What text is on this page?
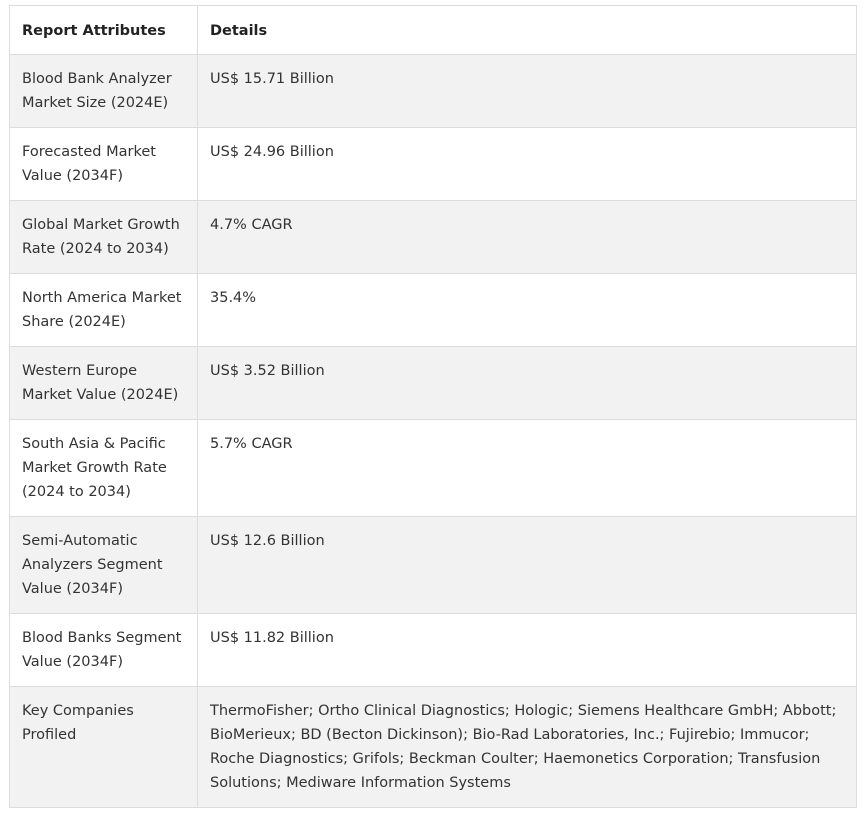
Report Attributes	Details
Blood Bank Analyzer Market Size (2024E)	US$ 15.71 Billion
Forecasted Market Value (2034F)	US$ 24.96 Billion
Global Market Growth Rate (2024 to 2034)	4.7% CAGR
North America Market Share (2024E)	35.4%
Western Europe Market Value (2024E)	US$ 3.52 Billion
South Asia & Pacific Market Growth Rate (2024 to 2034)	5.7% CAGR
Semi-Automatic Analyzers Segment Value (2034F)	US$ 12.6 Billion
Blood Banks Segment Value (2034F)	US$ 11.82 Billion
Key Companies Profiled	ThermoFisher; Ortho Clinical Diagnostics; Hologic; Siemens Healthcare GmbH; Abbott; BioMerieux; BD (Becton Dickinson); Bio-Rad Laboratories, Inc.; Fujirebio; Immucor; Roche Diagnostics; Grifols; Beckman Coulter; Haemonetics Corporation; Transfusion Solutions; Mediware Information Systems
